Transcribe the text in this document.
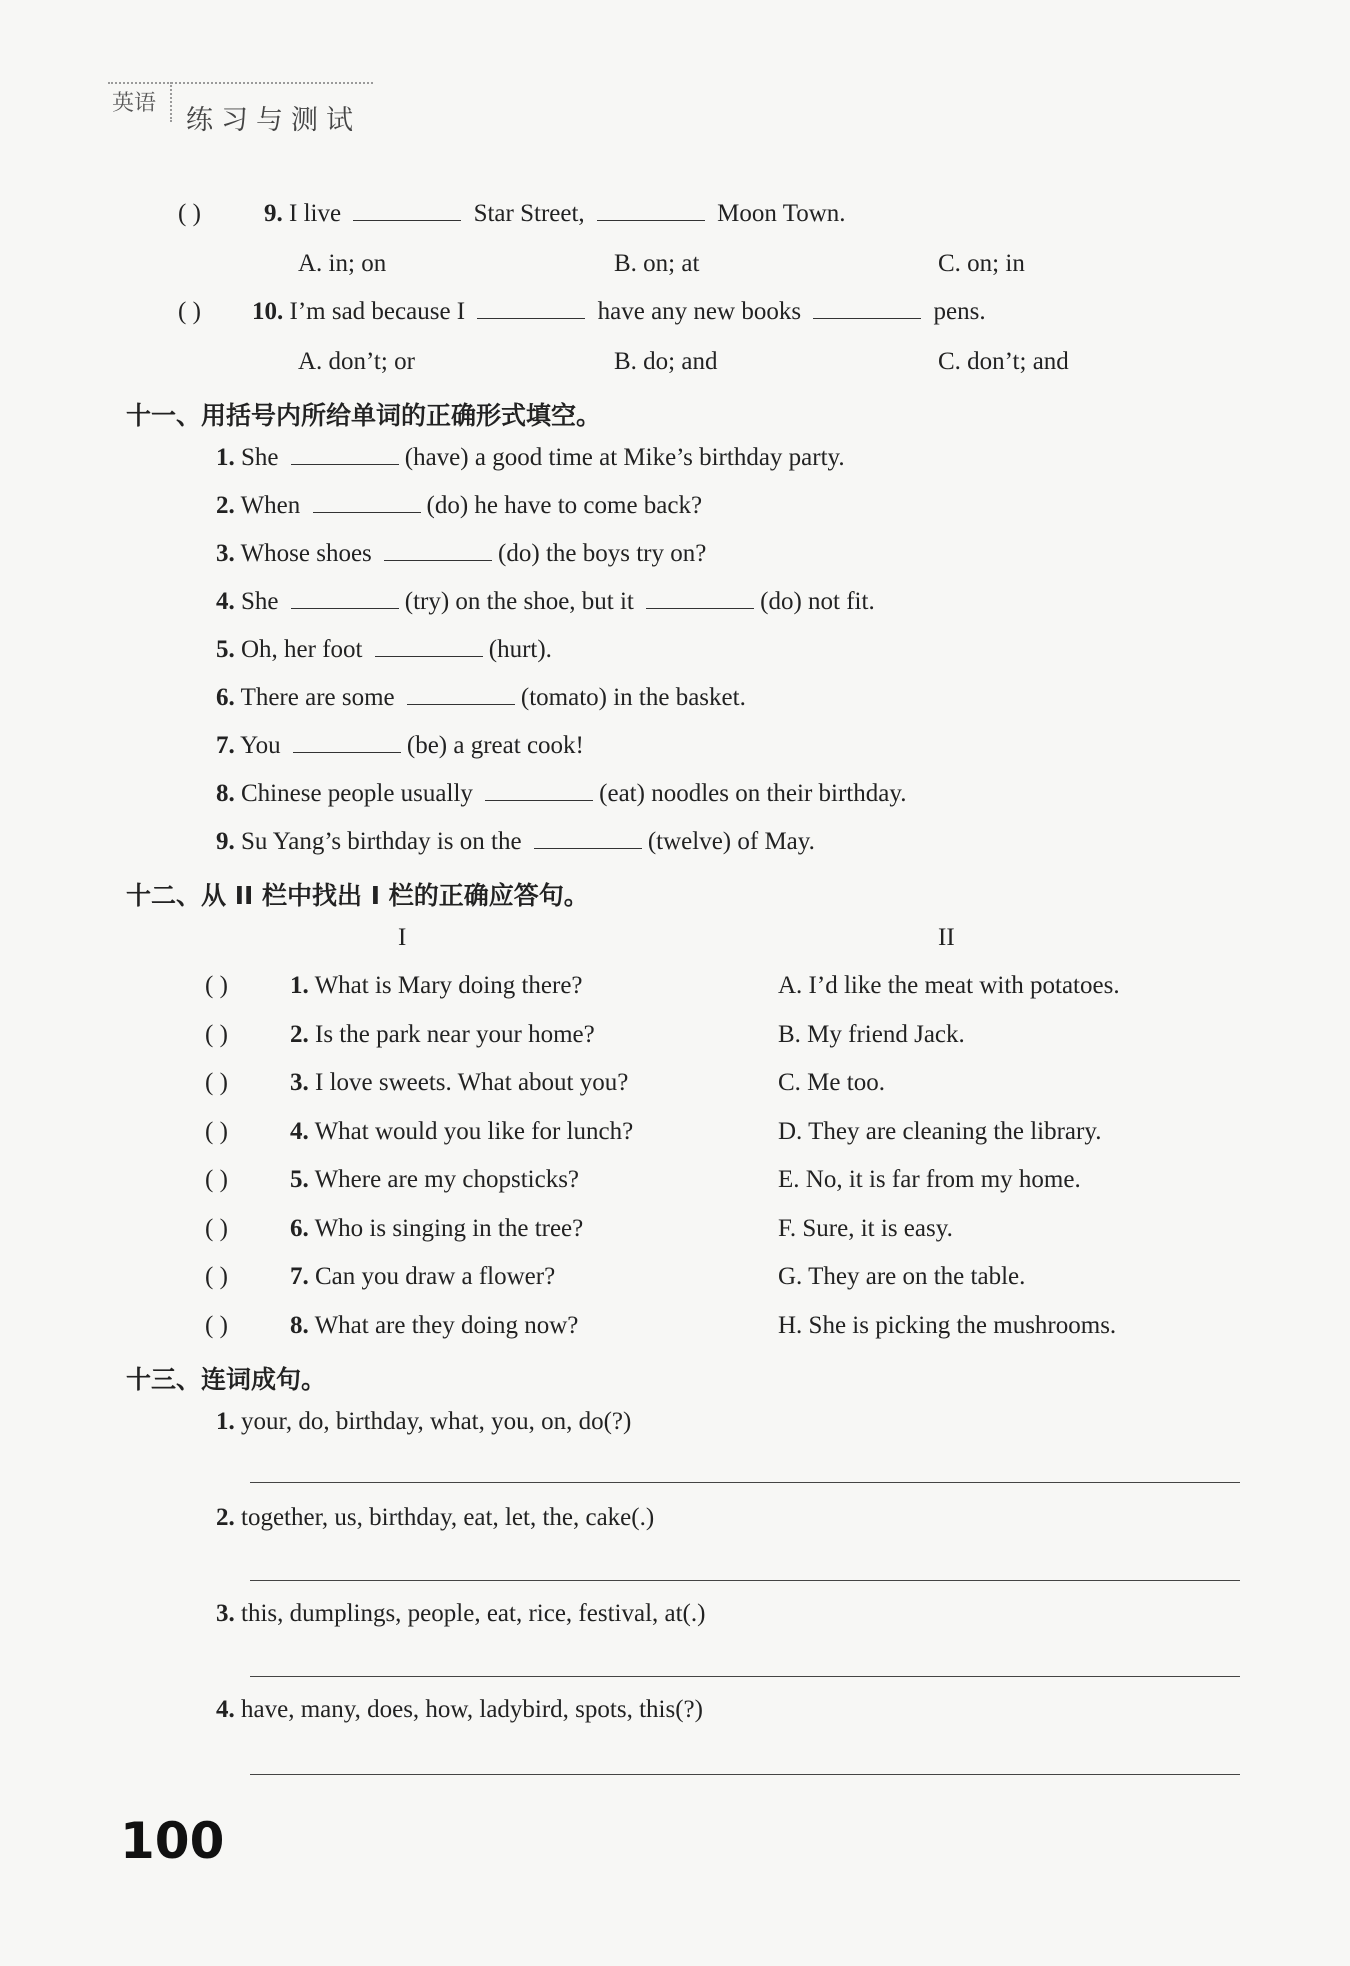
英语
练习与测试
( )	9. I live	Star Street,	Moon Town.
A. in; on	B. on; at	C. on; in
( ) 10. I’m sad because I	have any new books	pens.
A. don’t; or	B. do; and	C. don’t; and
十一、用括号内所给单词的正确形式填空。
1. She	(have) a good time at Mike’s birthday party.
2. When	(do) he have to come back?
3. Whose shoes	(do) the boys try on?
4. She	(try) on the shoe, but it	(do) not fit.
5. Oh, her foot	(hurt).
6. There are some	(tomato) in the basket.
7. You	(be) a great cook!
8. Chinese people usually	(eat) noodles on their birthday.
9. Su Yang’s birthday is on the	(twelve) of May.
十二、从 II 栏中找出 I 栏的正确应答句。
I	II
( ) 1. What is Mary doing there?	A. I’d like the meat with potatoes.
( ) 2. Is the park near your home?	B. My friend Jack.
( ) 3. I love sweets. What about you?	C. Me too.
( ) 4. What would you like for lunch?	D. They are cleaning the library.
( ) 5. Where are my chopsticks?	E. No, it is far from my home.
( ) 6. Who is singing in the tree?	F. Sure, it is easy.
( ) 7. Can you draw a flower?	G. They are on the table.
( ) 8. What are they doing now?	H. She is picking the mushrooms.
十三、连词成句。
1. your, do, birthday, what, you, on, do(?)
2. together, us, birthday, eat, let, the, cake(.)
3. this, dumplings, people, eat, rice, festival, at(.)
4. have, many, does, how, ladybird, spots, this(?)
100
